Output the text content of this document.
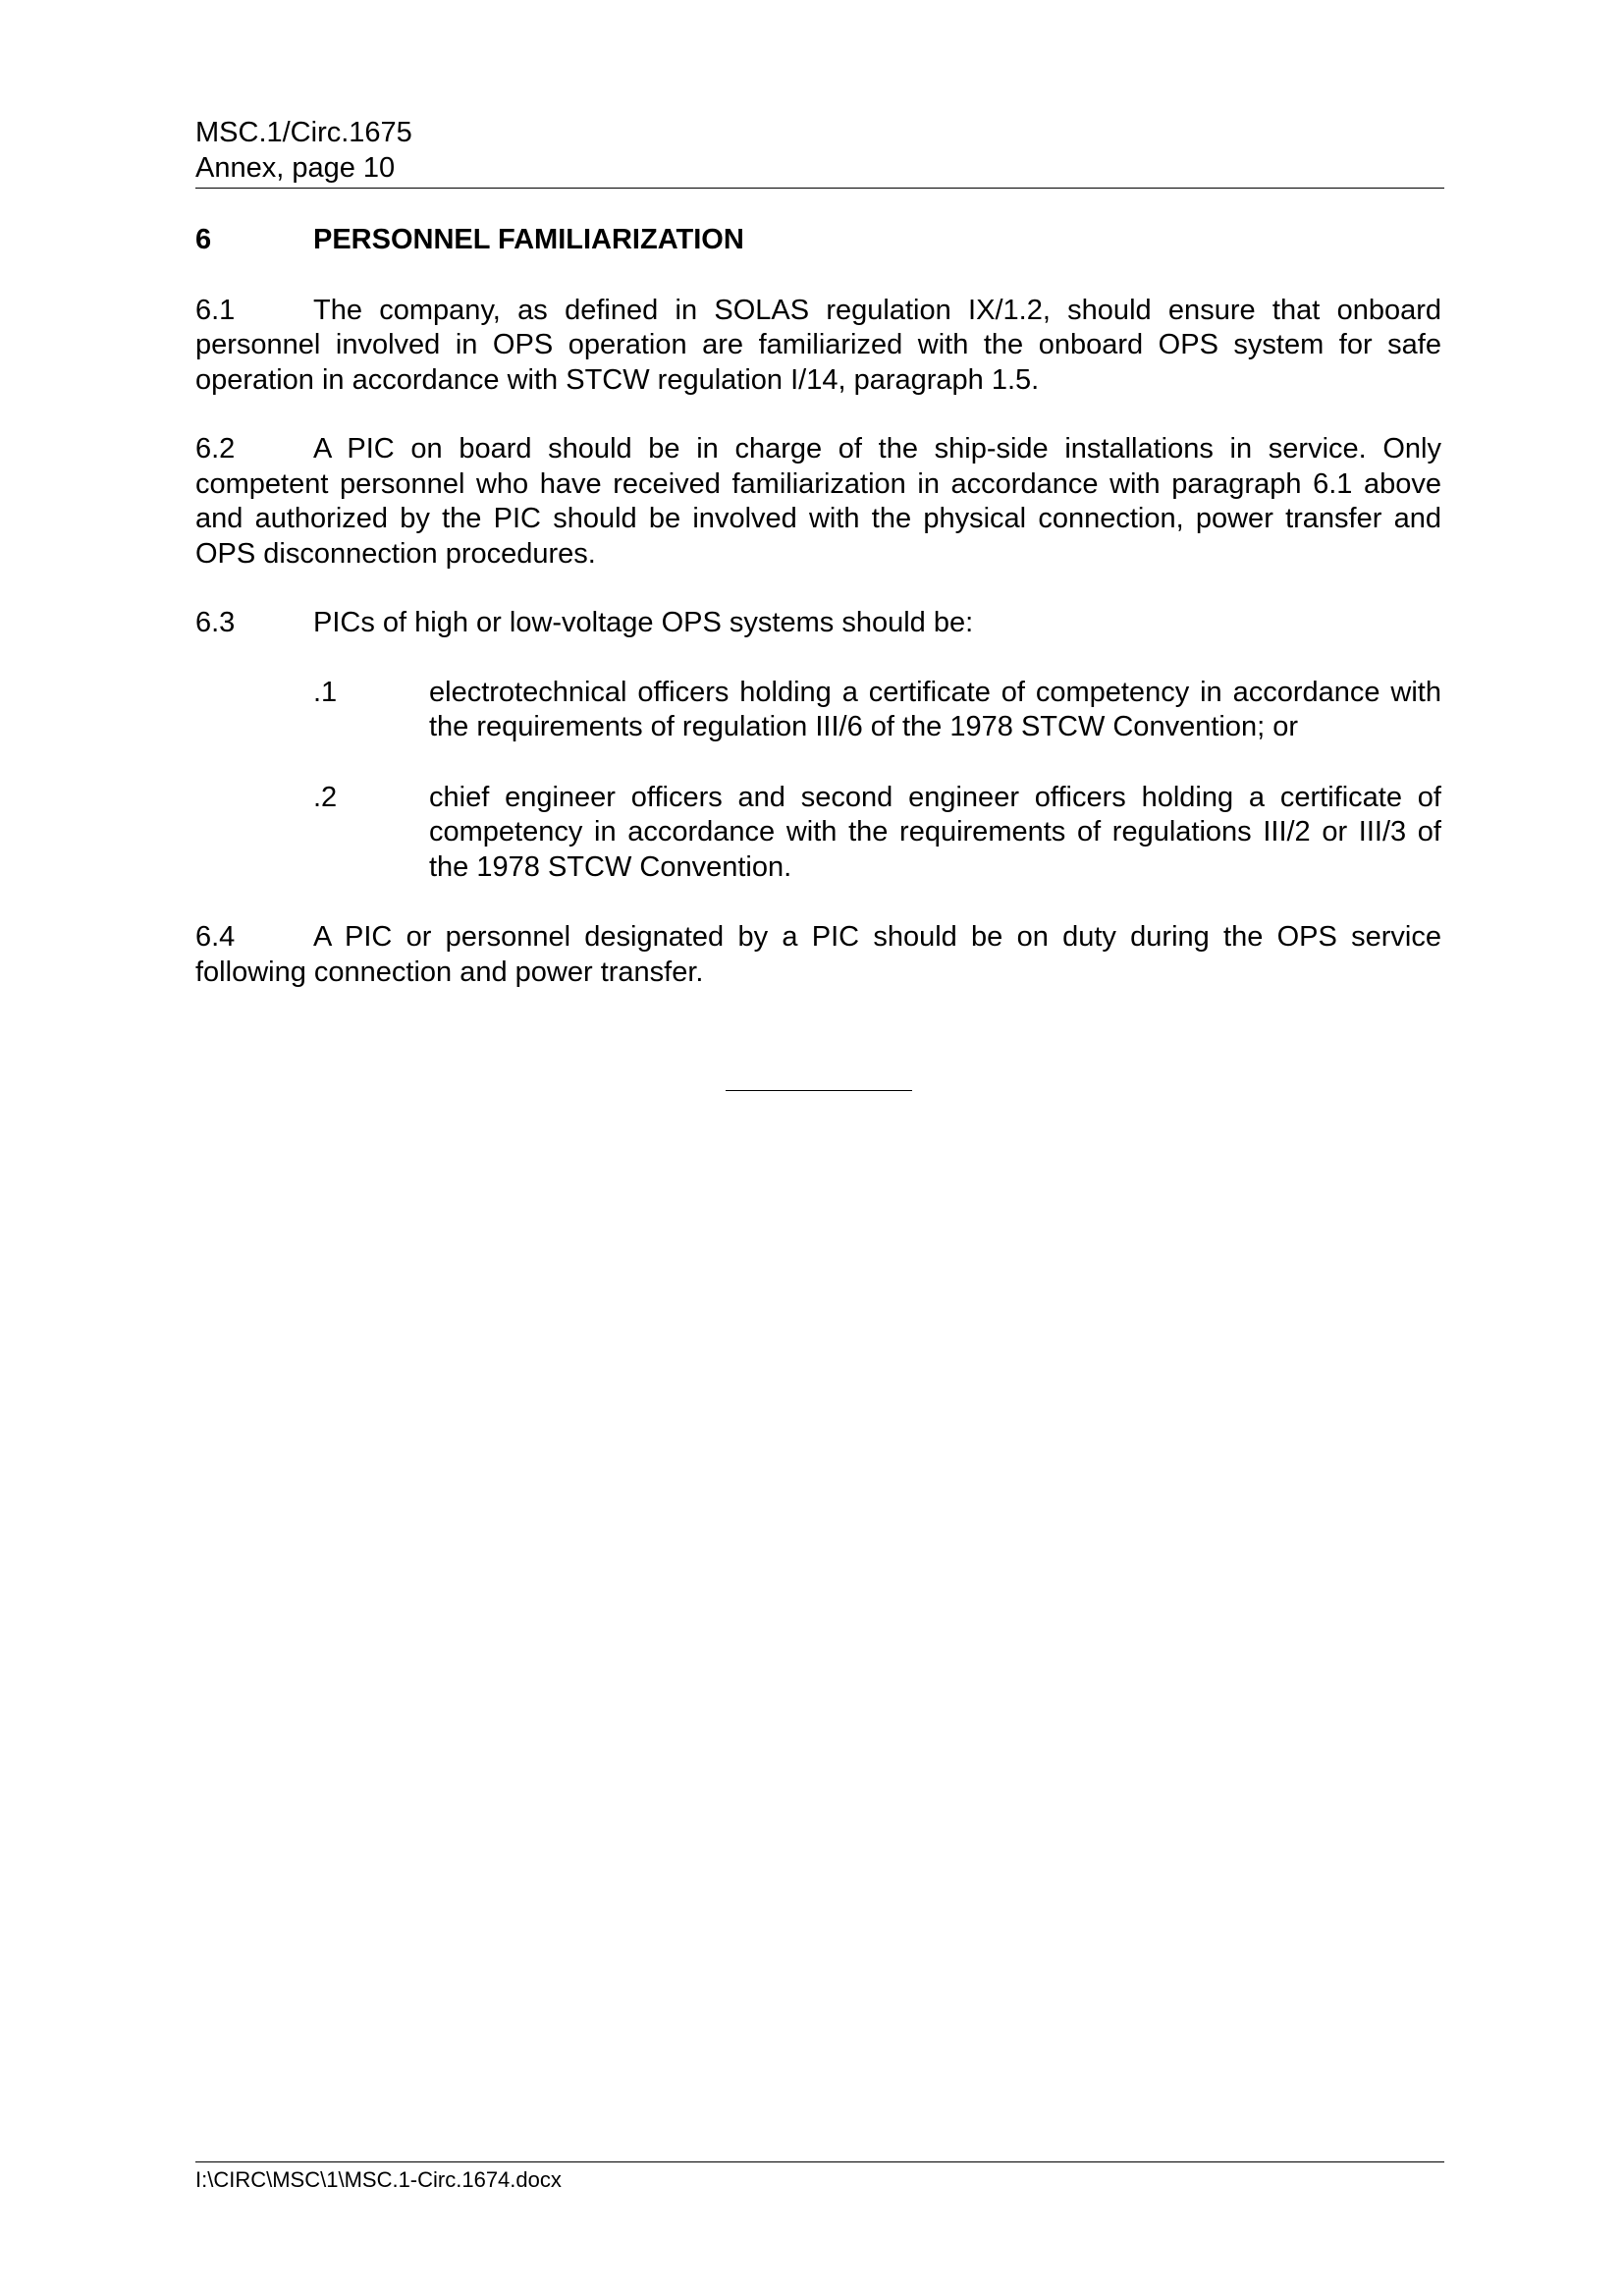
MSC.1/Circ.1675
Annex, page 10
6	PERSONNEL FAMILIARIZATION

6.1	The company, as defined in SOLAS regulation IX/1.2, should ensure that onboard personnel involved in OPS operation are familiarized with the onboard OPS system for safe operation in accordance with STCW regulation I/14, paragraph 1.5.

6.2	A PIC on board should be in charge of the ship-side installations in service. Only competent personnel who have received familiarization in accordance with paragraph 6.1 above and authorized by the PIC should be involved with the physical connection, power transfer and OPS disconnection procedures.

6.3	PICs of high or low-voltage OPS systems should be:
.1	electrotechnical officers holding a certificate of competency in accordance with the requirements of regulation III/6 of the 1978 STCW Convention; or
.2	chief engineer officers and second engineer officers holding a certificate of competency in accordance with the requirements of regulations III/2 or III/3 of the 1978 STCW Convention.

6.4	A PIC or personnel designated by a PIC should be on duty during the OPS service following connection and power transfer.

I:\CIRC\MSC\1\MSC.1-Circ.1674.docx
